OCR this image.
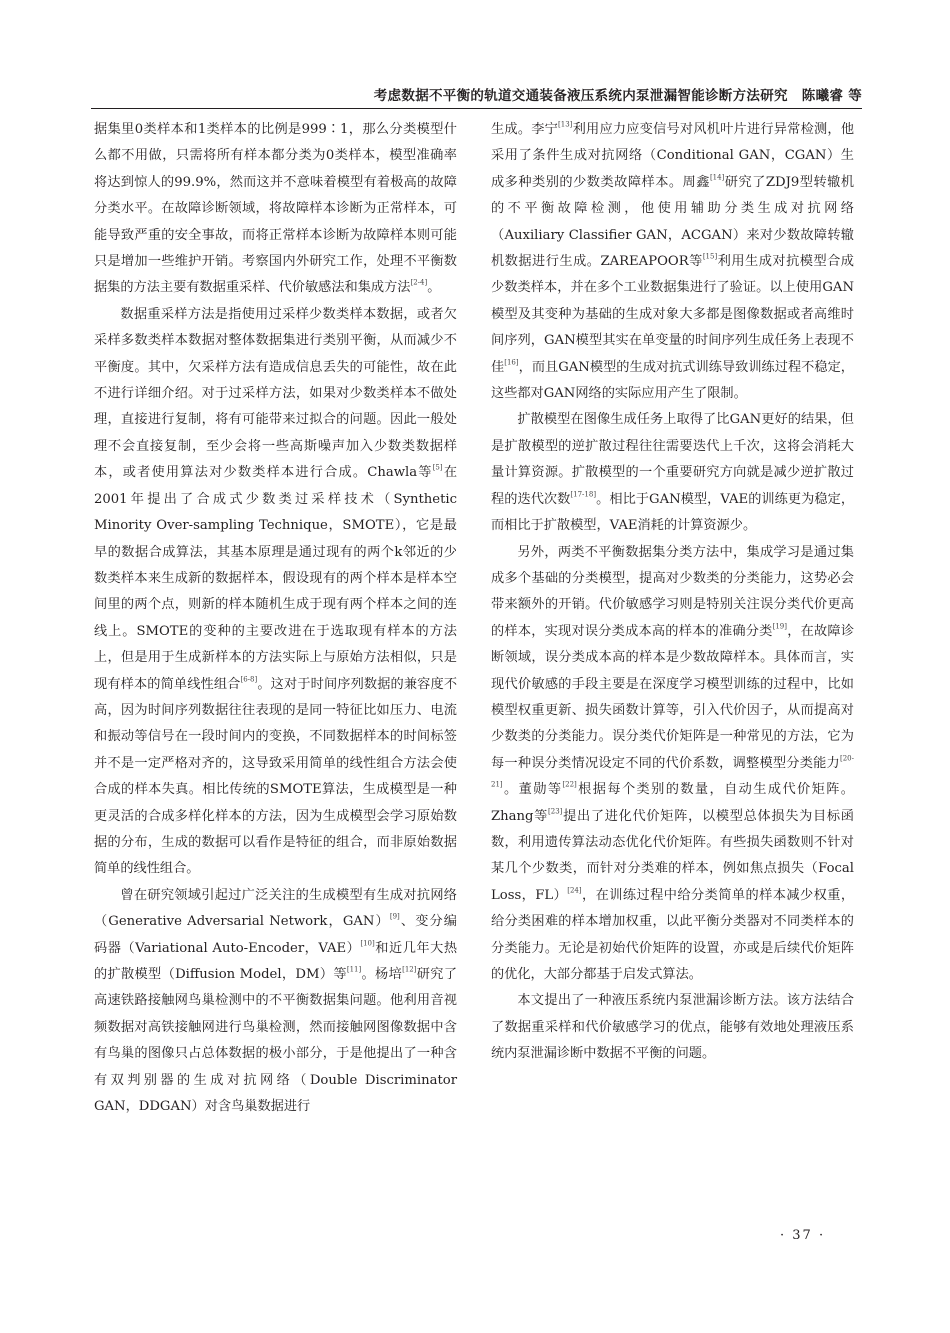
考虑数据不平衡的轨道交通装备液压系统内泵泄漏智能诊断方法研究 陈曦睿 等

据集里0类样本和1类样本的比例是999∶1，那么分类模型什么都不用做，只需将所有样本都分类为0类样本，模型准确率将达到惊人的99.9%，然而这并不意味着模型有着极高的故障分类水平。在故障诊断领域，将故障样本诊断为正常样本，可能导致严重的安全事故，而将正常样本诊断为故障样本则可能只是增加一些维护开销。考察国内外研究工作，处理不平衡数据集的方法主要有数据重采样、代价敏感法和集成方法[2-4]。

数据重采样方法是指使用过采样少数类样本数据，或者欠采样多数类样本数据对整体数据集进行类别平衡，从而减少不平衡度。其中，欠采样方法有造成信息丢失的可能性，故在此不进行详细介绍。对于过采样方法，如果对少数类样本不做处理，直接进行复制，将有可能带来过拟合的问题。因此一般处理不会直接复制，至少会将一些高斯噪声加入少数类数据样本，或者使用算法对少数类样本进行合成。Chawla等[5]在2001年提出了合成式少数类过采样技术（Synthetic Minority Over-sampling Technique，SMOTE），它是最早的数据合成算法，其基本原理是通过现有的两个k邻近的少数类样本来生成新的数据样本，假设现有的两个样本是样本空间里的两个点，则新的样本随机生成于现有两个样本之间的连线上。SMOTE的变种的主要改进在于选取现有样本的方法上，但是用于生成新样本的方法实际上与原始方法相似，只是现有样本的简单线性组合[6-8]。这对于时间序列数据的兼容度不高，因为时间序列数据往往表现的是同一特征比如压力、电流和振动等信号在一段时间内的变换，不同数据样本的时间标签并不是一定严格对齐的，这导致采用简单的线性组合方法会使合成的样本失真。相比传统的SMOTE算法，生成模型是一种更灵活的合成多样化样本的方法，因为生成模型会学习原始数据的分布，生成的数据可以看作是特征的组合，而非原始数据简单的线性组合。

曾在研究领域引起过广泛关注的生成模型有生成对抗网络（Generative Adversarial Network，GAN）[9]、变分编码器（Variational Auto-Encoder，VAE）[10]和近几年大热的扩散模型（Diffusion Model，DM）等[11]。杨培[12]研究了高速铁路接触网鸟巢检测中的不平衡数据集问题。他利用音视频数据对高铁接触网进行鸟巢检测，然而接触网图像数据中含有鸟巢的图像只占总体数据的极小部分，于是他提出了一种含有双判别器的生成对抗网络（Double Discriminator GAN，DDGAN）对含鸟巢数据进行

生成。李宁[13]利用应力应变信号对风机叶片进行异常检测，他采用了条件生成对抗网络（Conditional GAN，CGAN）生成多种类别的少数类故障样本。周鑫[14]研究了ZDJ9型转辙机的不平衡故障检测，他使用辅助分类生成对抗网络（Auxiliary Classifier GAN，ACGAN）来对少数故障转辙机数据进行生成。ZAREAPOOR等[15]利用生成对抗模型合成少数类样本，并在多个工业数据集进行了验证。以上使用GAN模型及其变种为基础的生成对象大多都是图像数据或者高维时间序列，GAN模型其实在单变量的时间序列生成任务上表现不佳[16]，而且GAN模型的生成对抗式训练导致训练过程不稳定，这些都对GAN网络的实际应用产生了限制。

扩散模型在图像生成任务上取得了比GAN更好的结果，但是扩散模型的逆扩散过程往往需要迭代上千次，这将会消耗大量计算资源。扩散模型的一个重要研究方向就是减少逆扩散过程的迭代次数[17-18]。相比于GAN模型，VAE的训练更为稳定，而相比于扩散模型，VAE消耗的计算资源少。

另外，两类不平衡数据集分类方法中，集成学习是通过集成多个基础的分类模型，提高对少数类的分类能力，这势必会带来额外的开销。代价敏感学习则是特别关注误分类代价更高的样本，实现对误分类成本高的样本的准确分类[19]，在故障诊断领域，误分类成本高的样本是少数故障样本。具体而言，实现代价敏感的手段主要是在深度学习模型训练的过程中，比如模型权重更新、损失函数计算等，引入代价因子，从而提高对少数类的分类能力。误分类代价矩阵是一种常见的方法，它为每一种误分类情况设定不同的代价系数，调整模型分类能力[20-21]。董勋等[22]根据每个类别的数量，自动生成代价矩阵。Zhang等[23]提出了进化代价矩阵，以模型总体损失为目标函数，利用遗传算法动态优化代价矩阵。有些损失函数则不针对某几个少数类，而针对分类难的样本，例如焦点损失（Focal Loss，FL）[24]，在训练过程中给分类简单的样本减少权重，给分类困难的样本增加权重，以此平衡分类器对不同类样本的分类能力。无论是初始代价矩阵的设置，亦或是后续代价矩阵的优化，大部分都基于启发式算法。

本文提出了一种液压系统内泵泄漏诊断方法。该方法结合了数据重采样和代价敏感学习的优点，能够有效地处理液压系统内泵泄漏诊断中数据不平衡的问题。

· 37 ·
